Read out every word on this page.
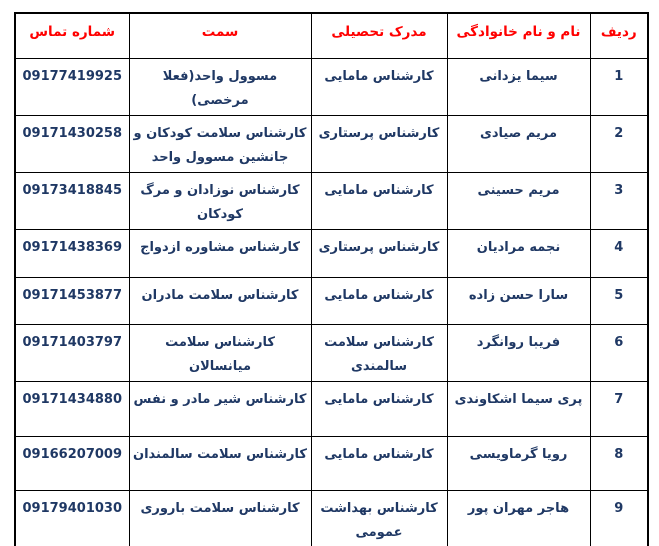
ردیف	نام و نام خانوادگی	مدرک تحصیلی	سمت	شماره تماس
1	سیما یزدانی	کارشناس مامایی	مسوول واحد(فعلا مرخصی)	09177419925
2	مریم صیادی	کارشناس پرستاری	کارشناس سلامت کودکان و جانشین مسوول واحد	09171430258
3	مریم حسینی	کارشناس مامایی	کارشناس نوزادان و مرگ کودکان	09173418845
4	نجمه مرادیان	کارشناس پرستاری	کارشناس مشاوره ازدواج	09171438369
5	سارا حسن زاده	کارشناس مامایی	کارشناس سلامت مادران	09171453877
6	فریبا روانگرد	کارشناس سلامت سالمندی	کارشناس سلامت میانسالان	09171403797
7	پری سیما اشکاوندی	کارشناس مامایی	کارشناس شیر مادر و نفس	09171434880
8	رویا گرماویسی	کارشناس مامایی	کارشناس سلامت سالمندان	09166207009
9	هاجر مهران پور	کارشناس بهداشت عمومی	کارشناس سلامت باروری	09179401030
